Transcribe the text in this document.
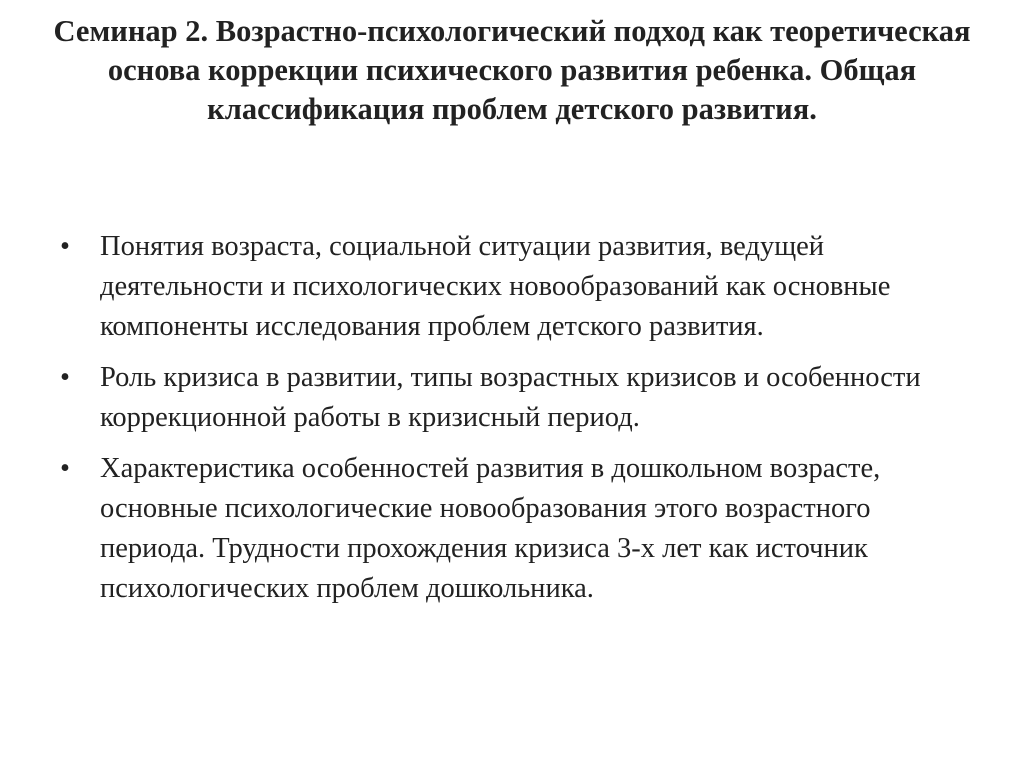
Семинар 2. Возрастно-психологический подход как теоретическая основа коррекции психического развития ребенка. Общая классификация проблем детского развития.
•	Понятия возраста, социальной ситуации развития, ведущей деятельности и психологических новообразований как основные компоненты исследования проблем детского развития.
•	Роль кризиса в развитии, типы возрастных кризисов и особенности коррекционной работы в кризисный период.
•	Характеристика особенностей развития в дошкольном возрасте, основные психологические новообразования этого возрастного периода. Трудности прохождения кризиса 3-х лет как источник психологических проблем дошкольника.
